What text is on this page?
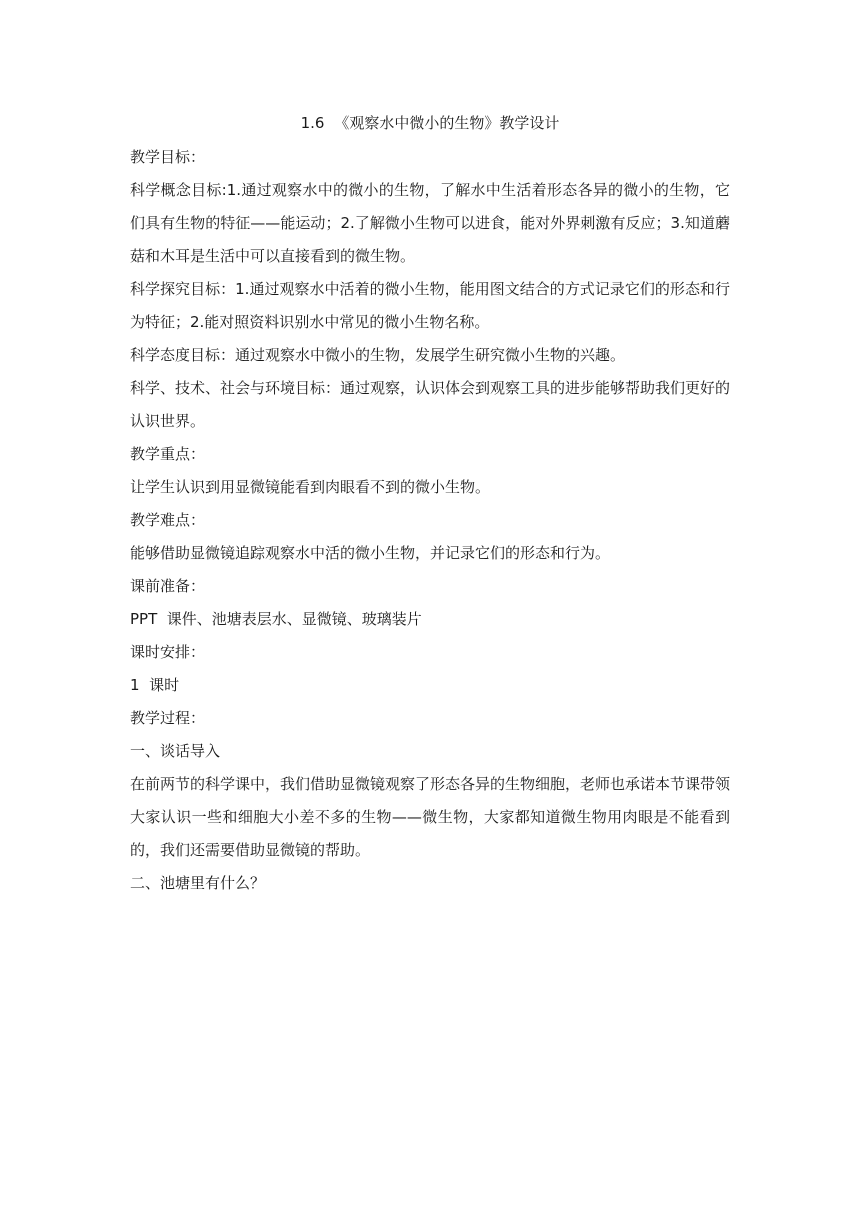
1.6 《观察水中微小的生物》教学设计
教学目标：
科学概念目标:1.通过观察水中的微小的生物，了解水中生活着形态各异的微小的生物，它们具有生物的特征——能运动；2.了解微小生物可以进食，能对外界刺激有反应；3.知道蘑菇和木耳是生活中可以直接看到的微生物。
科学探究目标：1.通过观察水中活着的微小生物，能用图文结合的方式记录它们的形态和行为特征；2.能对照资料识别水中常见的微小生物名称。
科学态度目标：通过观察水中微小的生物，发展学生研究微小生物的兴趣。
科学、技术、社会与环境目标：通过观察，认识体会到观察工具的进步能够帮助我们更好的认识世界。
教学重点：
让学生认识到用显微镜能看到肉眼看不到的微小生物。
教学难点：
能够借助显微镜追踪观察水中活的微小生物，并记录它们的形态和行为。
课前准备：
PPT  课件、池塘表层水、显微镜、玻璃装片
课时安排：
1  课时
教学过程：
一、谈话导入
在前两节的科学课中，我们借助显微镜观察了形态各异的生物细胞，老师也承诺本节课带领大家认识一些和细胞大小差不多的生物——微生物，大家都知道微生物用肉眼是不能看到的，我们还需要借助显微镜的帮助。
二、池塘里有什么？
